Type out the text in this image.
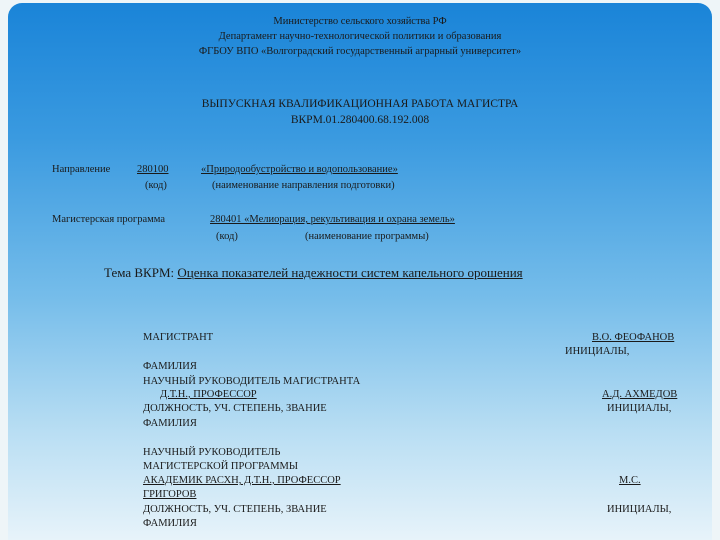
Министерство сельского хозяйства РФ
Департамент научно-технологической политики и образования
ФГБОУ ВПО «Волгоградский государственный аграрный университет»
ВЫПУСКНАЯ КВАЛИФИКАЦИОННАЯ РАБОТА МАГИСТРА
ВКРМ.01.280400.68.192.008
Направление	280100	«Природообустройство и водопользование»
(код)	(наименование направления подготовки)
Магистерская программа	280401 «Мелиорация, рекультивация и охрана земель»
(код)	(наименование программы)
Тема ВКРМ: Оценка показателей надежности систем капельного орошения
МАГИСТРАНТ	В.О. ФЕОФАНОВ
ИНИЦИАЛЫ,
ФАМИЛИЯ
НАУЧНЫЙ РУКОВОДИТЕЛЬ МАГИСТРАНТА
Д.Т.Н., ПРОФЕССОР	А.Д. АХМЕДОВ
ДОЛЖНОСТЬ, УЧ. СТЕПЕНЬ, ЗВАНИЕ	ИНИЦИАЛЫ,
ФАМИЛИЯ
НАУЧНЫЙ РУКОВОДИТЕЛЬ
МАГИСТЕРСКОЙ ПРОГРАММЫ
АКАДЕМИК РАСХН, Д.Т.Н., ПРОФЕССОР	М.С.
ГРИГОРОВ
ДОЛЖНОСТЬ, УЧ. СТЕПЕНЬ, ЗВАНИЕ	ИНИЦИАЛЫ,
ФАМИЛИЯ
